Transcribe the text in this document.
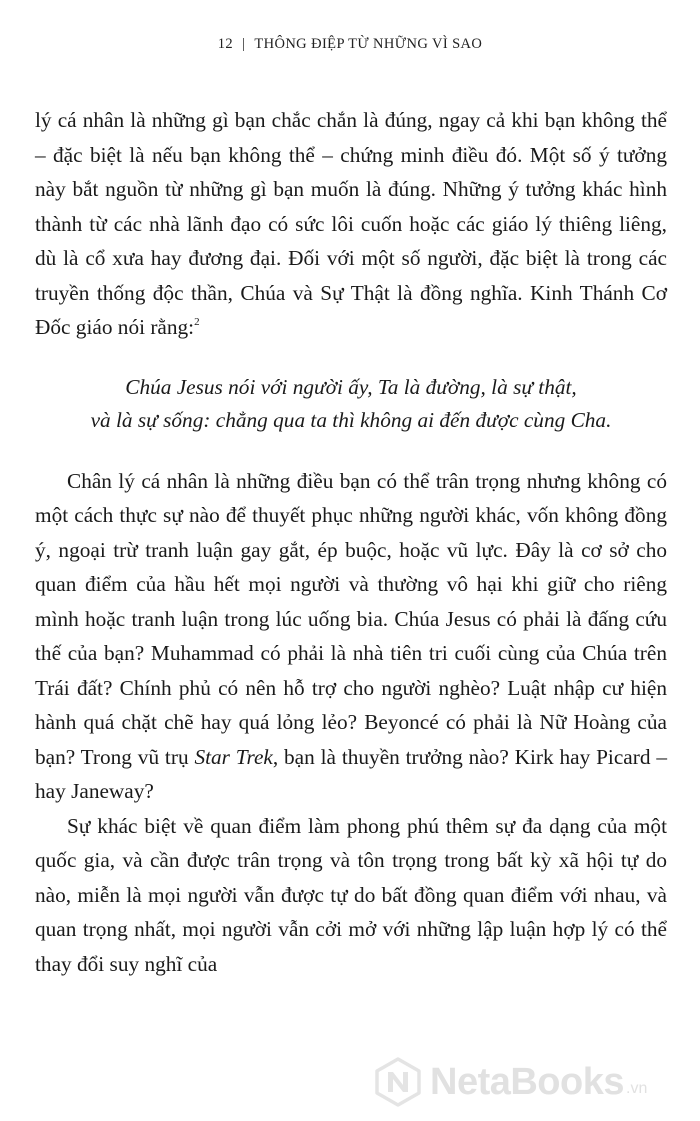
12 | THÔNG ĐIỆP TỪ NHỮNG VÌ SAO

lý cá nhân là những gì bạn chắc chắn là đúng, ngay cả khi bạn không thể – đặc biệt là nếu bạn không thể – chứng minh điều đó. Một số ý tưởng này bắt nguồn từ những gì bạn muốn là đúng. Những ý tưởng khác hình thành từ các nhà lãnh đạo có sức lôi cuốn hoặc các giáo lý thiêng liêng, dù là cổ xưa hay đương đại. Đối với một số người, đặc biệt là trong các truyền thống độc thần, Chúa và Sự Thật là đồng nghĩa. Kinh Thánh Cơ Đốc giáo nói rằng:$^2$

Chúa Jesus nói với người ấy, Ta là đường, là sự thật,
và là sự sống: chẳng qua ta thì không ai đến được cùng Cha.

Chân lý cá nhân là những điều bạn có thể trân trọng nhưng không có một cách thực sự nào để thuyết phục những người khác, vốn không đồng ý, ngoại trừ tranh luận gay gắt, ép buộc, hoặc vũ lực. Đây là cơ sở cho quan điểm của hầu hết mọi người và thường vô hại khi giữ cho riêng mình hoặc tranh luận trong lúc uống bia. Chúa Jesus có phải là đấng cứu thế của bạn? Muhammad có phải là nhà tiên tri cuối cùng của Chúa trên Trái đất? Chính phủ có nên hỗ trợ cho người nghèo? Luật nhập cư hiện hành quá chặt chẽ hay quá lỏng lẻo? Beyoncé có phải là Nữ Hoàng của bạn? Trong vũ trụ Star Trek, bạn là thuyền trưởng nào? Kirk hay Picard – hay Janeway?

Sự khác biệt về quan điểm làm phong phú thêm sự đa dạng của một quốc gia, và cần được trân trọng và tôn trọng trong bất kỳ xã hội tự do nào, miễn là mọi người vẫn được tự do bất đồng quan điểm với nhau, và quan trọng nhất, mọi người vẫn cởi mở với những lập luận hợp lý có thể thay đổi suy nghĩ của

NetaBooks .vn
